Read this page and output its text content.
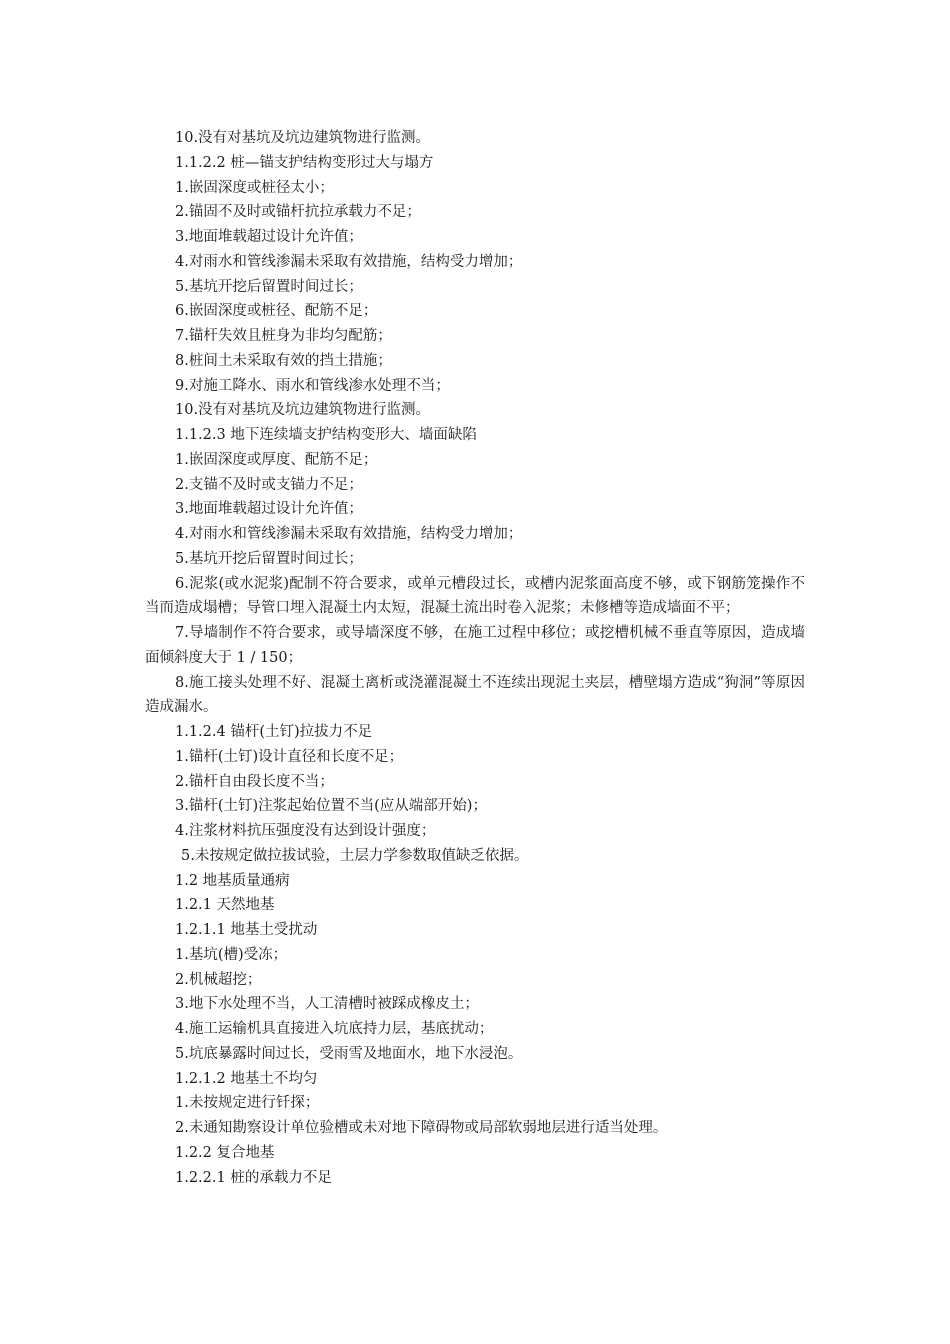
10.没有对基坑及坑边建筑物进行监测。

1.1.2.2 桩—锚支护结构变形过大与塌方

1.嵌固深度或桩径太小；

2.锚固不及时或锚杆抗拉承载力不足；

3.地面堆载超过设计允许值；

4.对雨水和管线渗漏未采取有效措施，结构受力增加；

5.基坑开挖后留置时间过长；

6.嵌固深度或桩径、配筋不足；

7.锚杆失效且桩身为非均匀配筋；

8.桩间土未采取有效的挡土措施；

9.对施工降水、雨水和管线渗水处理不当；

10.没有对基坑及坑边建筑物进行监测。

1.1.2.3 地下连续墙支护结构变形大、墙面缺陷

1.嵌固深度或厚度、配筋不足；

2.支锚不及时或支锚力不足；

3.地面堆载超过设计允许值；

4.对雨水和管线渗漏未采取有效措施，结构受力增加；

5.基坑开挖后留置时间过长；

6.泥浆(或水泥浆)配制不符合要求，或单元槽段过长，或槽内泥浆面高度不够，或下钢筋笼操作不当而造成塌槽；导管口埋入混凝土内太短，混凝土流出时卷入泥浆；未修槽等造成墙面不平；

7.导墙制作不符合要求，或导墙深度不够，在施工过程中移位；或挖槽机械不垂直等原因，造成墙面倾斜度大于 1 / 150；

8.施工接头处理不好、混凝土离析或浇灌混凝土不连续出现泥土夹层，槽壁塌方造成“狗洞”等原因造成漏水。

1.1.2.4 锚杆(土钉)拉拔力不足

1.锚杆(土钉)设计直径和长度不足；

2.锚杆自由段长度不当；

3.锚杆(土钉)注浆起始位置不当(应从端部开始)；

4.注浆材料抗压强度没有达到设计强度；

5.未按规定做拉拔试验，土层力学参数取值缺乏依据。

1.2 地基质量通病

1.2.1 天然地基

1.2.1.1 地基土受扰动

1.基坑(槽)受冻；

2.机械超挖；

3.地下水处理不当，人工清槽时被踩成橡皮土；

4.施工运输机具直接进入坑底持力层，基底扰动；

5.坑底暴露时间过长，受雨雪及地面水，地下水浸泡。

1.2.1.2 地基土不均匀

1.未按规定进行钎探；

2.未通知勘察设计单位验槽或未对地下障碍物或局部软弱地层进行适当处理。

1.2.2 复合地基

1.2.2.1 桩的承载力不足
